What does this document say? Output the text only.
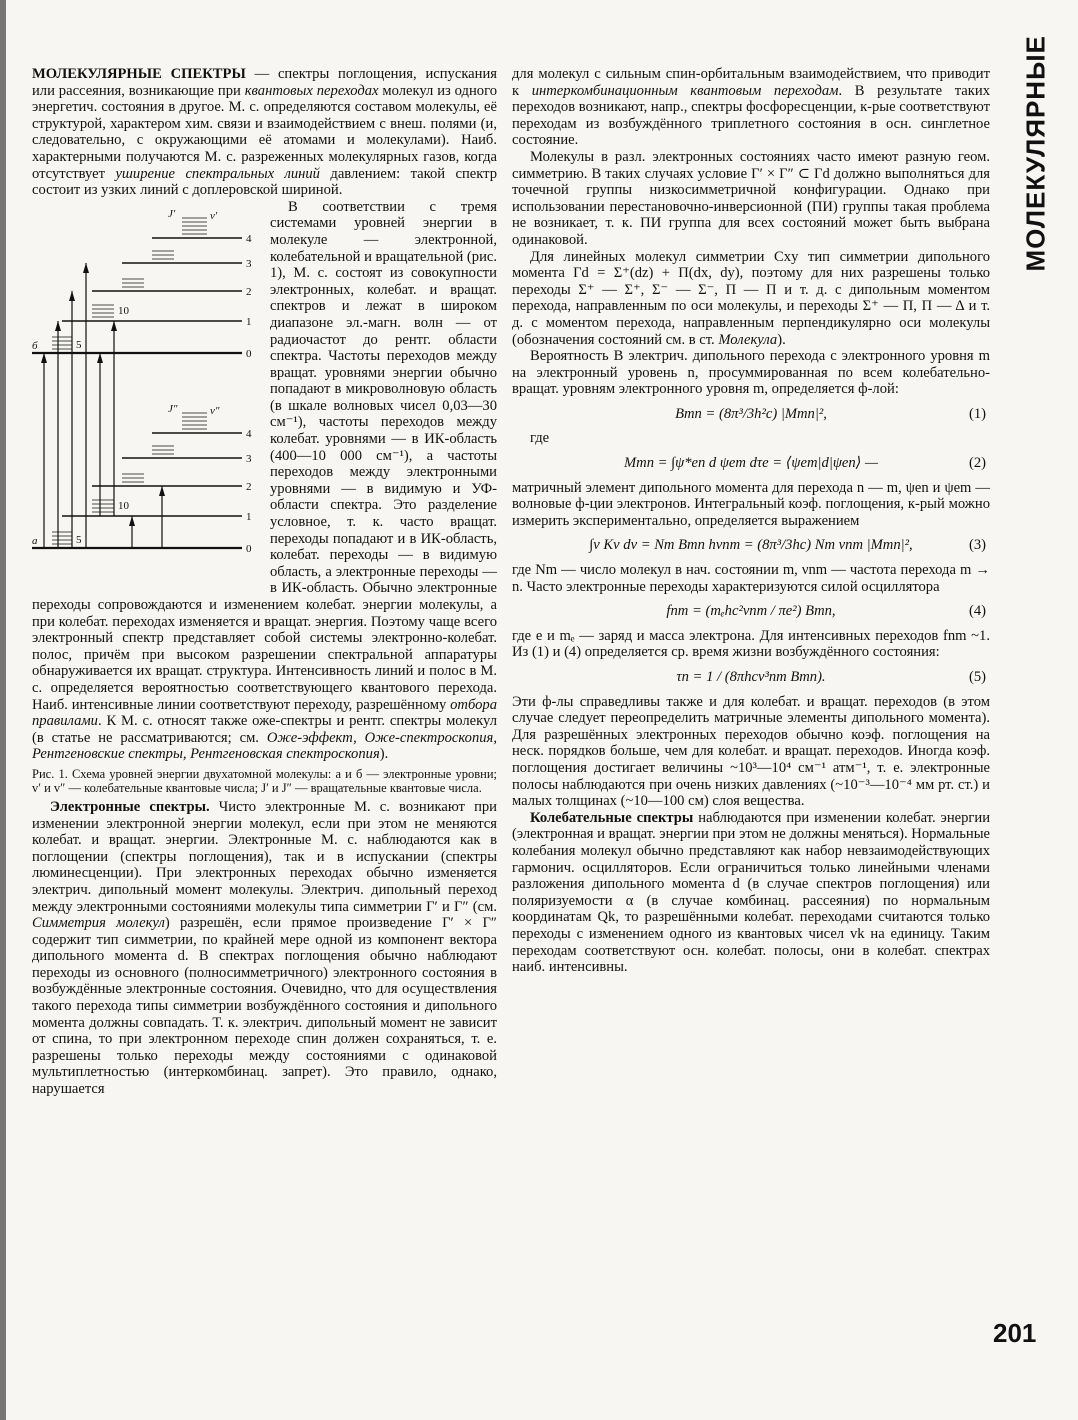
МОЛЕКУЛЯРНЫЕ

МОЛЕКУЛЯРНЫЕ СПЕКТРЫ — спектры поглощения, испускания или рассеяния, возникающие при квантовых переходах молекул из одного энергетич. состояния в другое. М. с. определяются составом молекулы, её структурой, характером хим. связи и взаимодействием с внеш. полями (и, следовательно, с окружающими её атомами и молекулами). Наиб. характерными получаются М. с. разреженных молекулярных газов, когда отсутствует уширение спектральных линий давлением: такой спектр состоит из узких линий с доплеровской шириной.

а
б
0
1
2
3
4
0
1
2
3
4
v′
v″
J′
J″
5
10
5
10
В соответствии с тремя системами уровней энергии в молекуле — электронной, колебательной и вращательной (рис. 1), М. с. состоят из совокупности электронных, колебат. и вращат. спектров и лежат в широком диапазоне эл.-магн. волн — от радиочастот до рентг. области спектра. Частоты переходов между вращат. уровнями энергии обычно попадают в микроволновую область (в шкале волновых чисел 0,03—30 см⁻¹), частоты переходов между колебат. уровнями — в ИК-область (400—10 000 см⁻¹), а частоты переходов между электронными уровнями — в видимую и УФ-области спектра. Это разделение условное, т. к. часто вращат. переходы попадают и в ИК-область, колебат. переходы — в видимую область, а электронные переходы — в ИК-область. Обычно электронные переходы сопровождаются и изменением колебат. энергии молекулы, а при колебат. переходах изменяется и вращат. энергия. Поэтому чаще всего электронный спектр представляет собой системы электронно-колебат. полос, причём при высоком разрешении спектральной аппаратуры обнаруживается их вращат. структура. Интенсивность линий и полос в М. с. определяется вероятностью соответствующего квантового перехода. Наиб. интенсивные линии соответствуют переходу, разрешённому отбора правилами. К М. с. относят также оже-спектры и рентг. спектры молекул (в статье не рассматриваются; см. Оже-эффект, Оже-спектроскопия, Рентгеновские спектры, Рентгеновская спектроскопия).

Рис. 1. Схема уровней энергии двухатомной молекулы: а и б — электронные уровни; v′ и v″ — колебательные квантовые числа; J′ и J″ — вращательные квантовые числа.

Электронные спектры. Чисто электронные М. с. возникают при изменении электронной энергии молекул, если при этом не меняются колебат. и вращат. энергии. Электронные М. с. наблюдаются как в поглощении (спектры поглощения), так и в испускании (спектры люминесценции). При электронных переходах обычно изменяется электрич. дипольный момент молекулы. Электрич. дипольный переход между электронными состояниями молекулы типа симметрии Γ′ и Γ″ (см. Симметрия молекул) разрешён, если прямое произведение Γ′ × Γ″ содержит тип симметрии, по крайней мере одной из компонент вектора дипольного момента d. В спектрах поглощения обычно наблюдают переходы из основного (полносимметричного) электронного состояния в возбуждённые электронные состояния. Очевидно, что для осуществления такого перехода типы симметрии возбуждённого состояния и дипольного момента должны совпадать. Т. к. электрич. дипольный момент не зависит от спина, то при электронном переходе спин должен сохраняться, т. е. разрешены только переходы между состояниями с одинаковой мультиплетностью (интеркомбинац. запрет). Это правило, однако, нарушается

для молекул с сильным спин-орбитальным взаимодействием, что приводит к интеркомбинационным квантовым переходам. В результате таких переходов возникают, напр., спектры фосфоресценции, к-рые соответствуют переходам из возбуждённого триплетного состояния в осн. синглетное состояние.

Молекулы в разл. электронных состояниях часто имеют разную геом. симметрию. В таких случаях условие Γ′ × Γ″ ⊂ Γd должно выполняться для точечной группы низкосимметричной конфигурации. Однако при использовании перестановочно-инверсионной (ПИ) группы такая проблема не возникает, т. к. ПИ группа для всех состояний может быть выбрана одинаковой.

Для линейных молекул симметрии Cxy тип симметрии дипольного момента Γd = Σ⁺(dz) + Π(dx, dy), поэтому для них разрешены только переходы Σ⁺ — Σ⁺, Σ⁻ — Σ⁻, Π — Π и т. д. с дипольным моментом перехода, направленным по оси молекулы, и переходы Σ⁺ — Π, Π — Δ и т. д. с моментом перехода, направленным перпендикулярно оси молекулы (обозначения состояний см. в ст. Молекула).

Вероятность B электрич. дипольного перехода с электронного уровня m на электронный уровень n, просуммированная по всем колебательно-вращат. уровням электронного уровня m, определяется ф-лой:

Bmn = (8π³/3h²c) |Mmn|²,	(1)

где

Mmn = ∫ψ*en d ψem dτe = ⟨ψem|d|ψen⟩ —	(2)

матричный элемент дипольного момента для перехода n — m, ψen и ψem — волновые ф-ции электронов. Интегральный коэф. поглощения, к-рый можно измерить экспериментально, определяется выражением

∫ν Kν dν = Nm Bmn hνnm = (8π³/3hc) Nm νnm |Mmn|²,	(3)

где Nm — число молекул в нач. состоянии m, νnm — частота перехода m → n. Часто электронные переходы характеризуются силой осциллятора

fnm = (mₑhc²νnm / πe²) Bmn,	(4)

где e и mₑ — заряд и масса электрона. Для интенсивных переходов fnm ~1. Из (1) и (4) определяется ср. время жизни возбуждённого состояния:

τn = 1 / (8πhcν³nm Bmn).	(5)

Эти ф-лы справедливы также и для колебат. и вращат. переходов (в этом случае следует переопределить матричные элементы дипольного момента). Для разрешённых электронных переходов обычно коэф. поглощения на неск. порядков больше, чем для колебат. и вращат. переходов. Иногда коэф. поглощения достигает величины ~10³—10⁴ см⁻¹ атм⁻¹, т. е. электронные полосы наблюдаются при очень низких давлениях (~10⁻³—10⁻⁴ мм рт. ст.) и малых толщинах (~10—100 см) слоя вещества.

Колебательные спектры наблюдаются при изменении колебат. энергии (электронная и вращат. энергии при этом не должны меняться). Нормальные колебания молекул обычно представляют как набор невзаимодействующих гармонич. осцилляторов. Если ограничиться только линейными членами разложения дипольного момента d (в случае спектров поглощения) или поляризуемости α (в случае комбинац. рассеяния) по нормальным координатам Qk, то разрешёнными колебат. переходами считаются только переходы с изменением одного из квантовых чисел vk на единицу. Таким переходам соответствуют осн. колебат. полосы, они в колебат. спектрах наиб. интенсивны.

201
